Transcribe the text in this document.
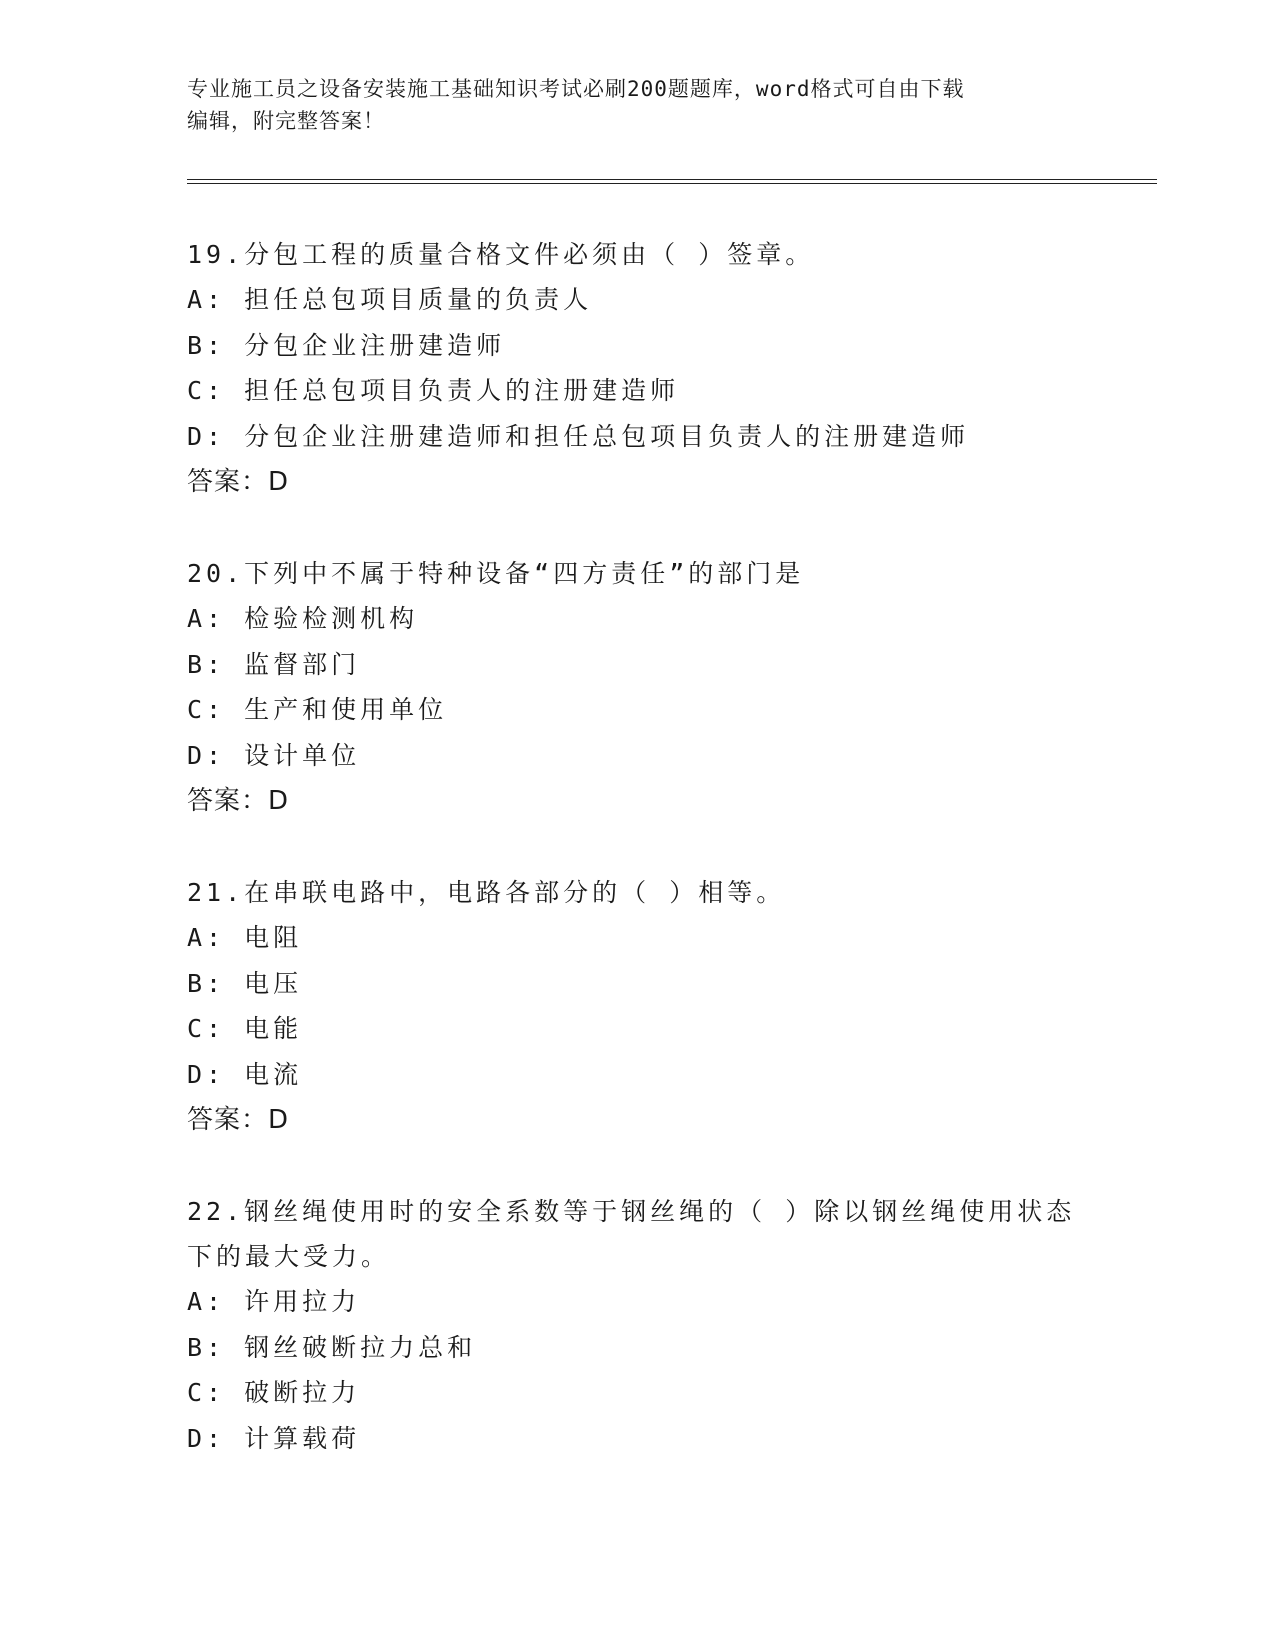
专业施工员之设备安装施工基础知识考试必刷200题题库，word格式可自由下载
编辑，附完整答案！
19.分包工程的质量合格文件必须由（ ）签章。
A: 担任总包项目质量的负责人
B: 分包企业注册建造师
C: 担任总包项目负责人的注册建造师
D: 分包企业注册建造师和担任总包项目负责人的注册建造师
答案：D
20.下列中不属于特种设备“四方责任”的部门是
A: 检验检测机构
B: 监督部门
C: 生产和使用单位
D: 设计单位
答案：D
21.在串联电路中，电路各部分的（ ）相等。
A: 电阻
B: 电压
C: 电能
D: 电流
答案：D
22.钢丝绳使用时的安全系数等于钢丝绳的（ ）除以钢丝绳使用状态下的最大受力。
A: 许用拉力
B: 钢丝破断拉力总和
C: 破断拉力
D: 计算载荷
